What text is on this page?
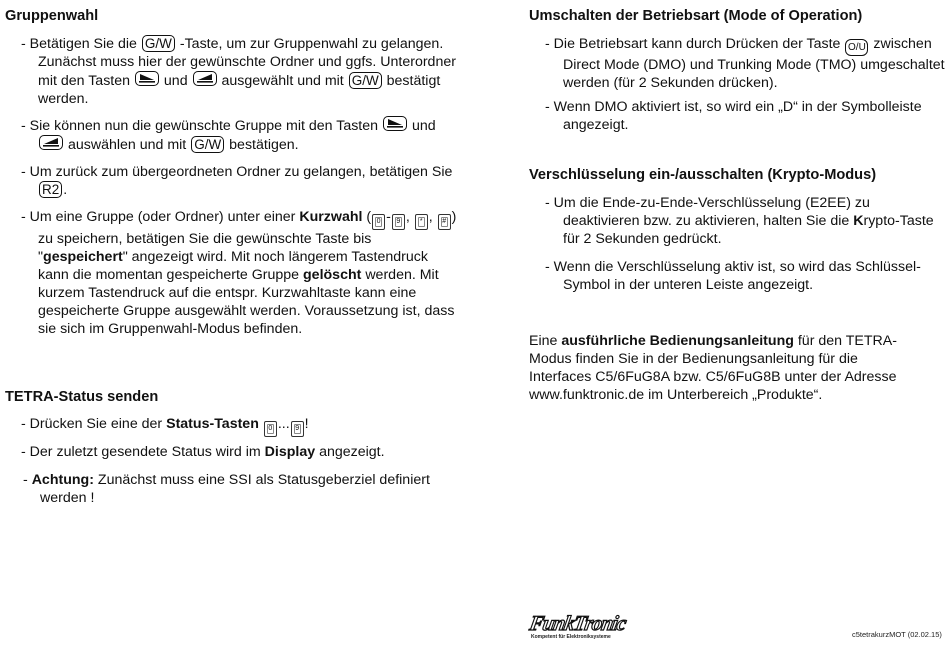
Gruppenwahl

- Betätigen Sie die G/W -Taste, um zur Gruppenwahl zu gelangen. Zunächst muss hier der gewünschte Ordner und ggfs. Unterordner mit den Tasten und ausgewählt und mit G/W bestätigt werden.

- Sie können nun die gewünschte Gruppe mit den Tasten und
auswählen und mit G/W bestätigen.

- Um zurück zum übergeordneten Ordner zu gelangen, betätigen Sie R2 .

- Um eine Gruppe (oder Ordner) unter einer Kurzwahl ( 0 - 9 , * , # ) zu speichern, betätigen Sie die gewünschte Taste bis "gespeichert" angezeigt wird. Mit noch längerem Tastendruck kann die momentan gespeicherte Gruppe gelöscht werden. Mit kurzem Tastendruck auf die entspr. Kurzwahltaste kann eine gespeicherte Gruppe ausgewählt werden. Voraussetzung ist, dass sie sich im Gruppenwahl-Modus befinden.

TETRA-Status senden

- Drücken Sie eine der Status-Tasten 0 ... 9 !

- Der zuletzt gesendete Status wird im Display angezeigt.

- Achtung: Zunächst muss eine SSI als Statusgeberziel definiert werden !

Umschalten der Betriebsart (Mode of Operation)

- Die Betriebsart kann durch Drücken der Taste O/U zwischen Direct Mode (DMO) und Trunking Mode (TMO) umgeschaltet werden (für 2 Sekunden drücken).

- Wenn DMO aktiviert ist, so wird ein „D“ in der Symbolleiste angezeigt.

Verschlüsselung ein-/ausschalten (Krypto-Modus)

- Um die Ende-zu-Ende-Verschlüsselung (E2EE) zu deaktivieren bzw. zu aktivieren, halten Sie die Krypto-Taste für 2 Sekunden gedrückt.

- Wenn die Verschlüsselung aktiv ist, so wird das Schlüssel-Symbol in der unteren Leiste angezeigt.

Eine ausführliche Bedienungsanleitung für den TETRA-Modus finden Sie in der Bedienungsanleitung für die Interfaces C5/6FuG8A bzw. C5/6FuG8B unter der Adresse www.funktronic.de im Unterbereich „Produkte“.

FunkTronic
Kompetent für Elektroniksysteme	c5tetrakurzMOT (02.02.15)
